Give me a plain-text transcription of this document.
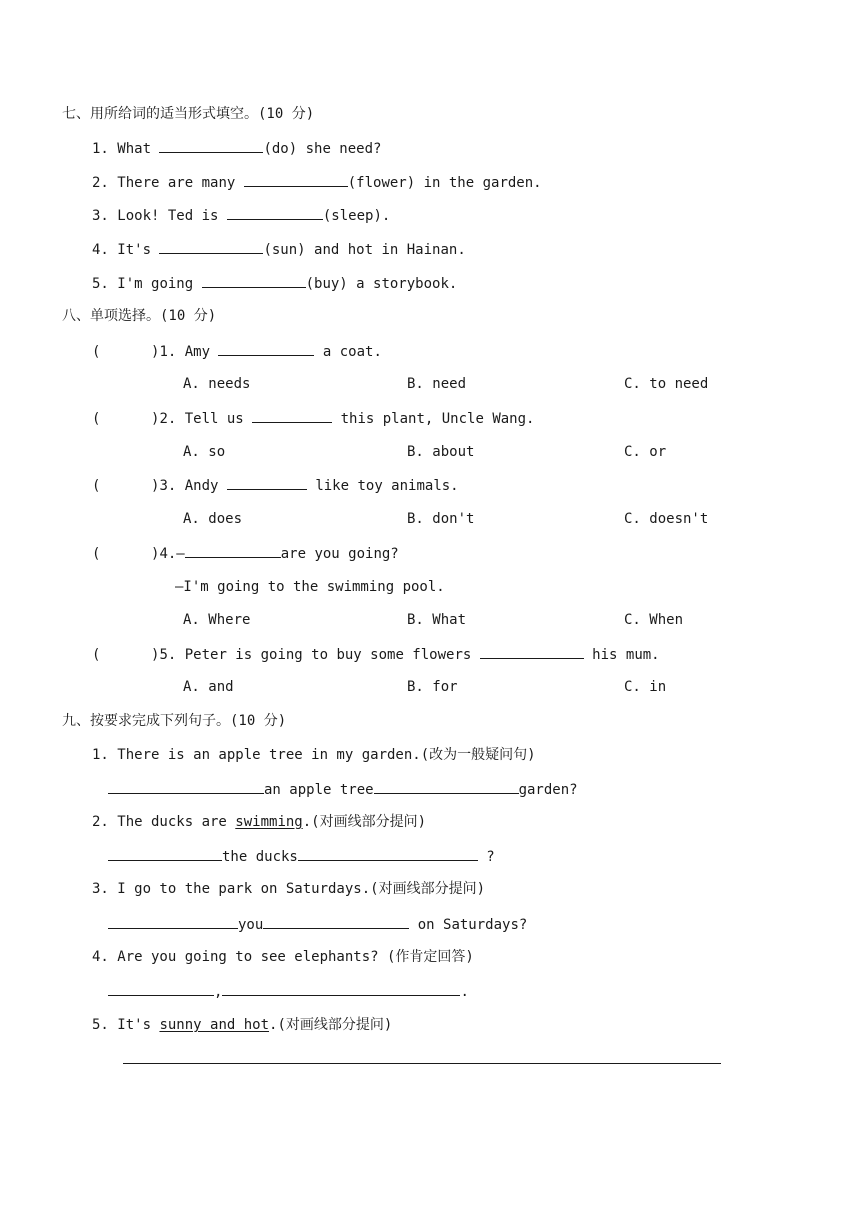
七、用所给词的适当形式填空。(10 分)
1. What	(do) she need?
2. There are many	(flower) in the garden.
3. Look! Ted is	(sleep).
4. It's	(sun) and hot in Hainan.
5. I'm going	(buy) a storybook.
八、单项选择。(10 分)
(      )1. Amy	a coat.
A. needs	B. need	C. to need
(      )2. Tell us	this plant, Uncle Wang.
A. so	B. about	C. or
(      )3. Andy	like toy animals.
A. does	B. don't	C. doesn't
(      )4.—	are you going?
—I'm going to the swimming pool.
A. Where	B. What	C. When
(      )5. Peter is going to buy some flowers	his mum.
A. and	B. for	C. in
九、按要求完成下列句子。(10 分)
1. There is an apple tree in my garden.(改为一般疑问句)
an apple tree	garden?
2. The ducks are swimming.(对画线部分提问)
the ducks	?
3. I go to the park on Saturdays.(对画线部分提问)
you	on Saturdays?
4. Are you going to see elephants? (作肯定回答)
,	.
5. It's sunny and hot.(对画线部分提问)
